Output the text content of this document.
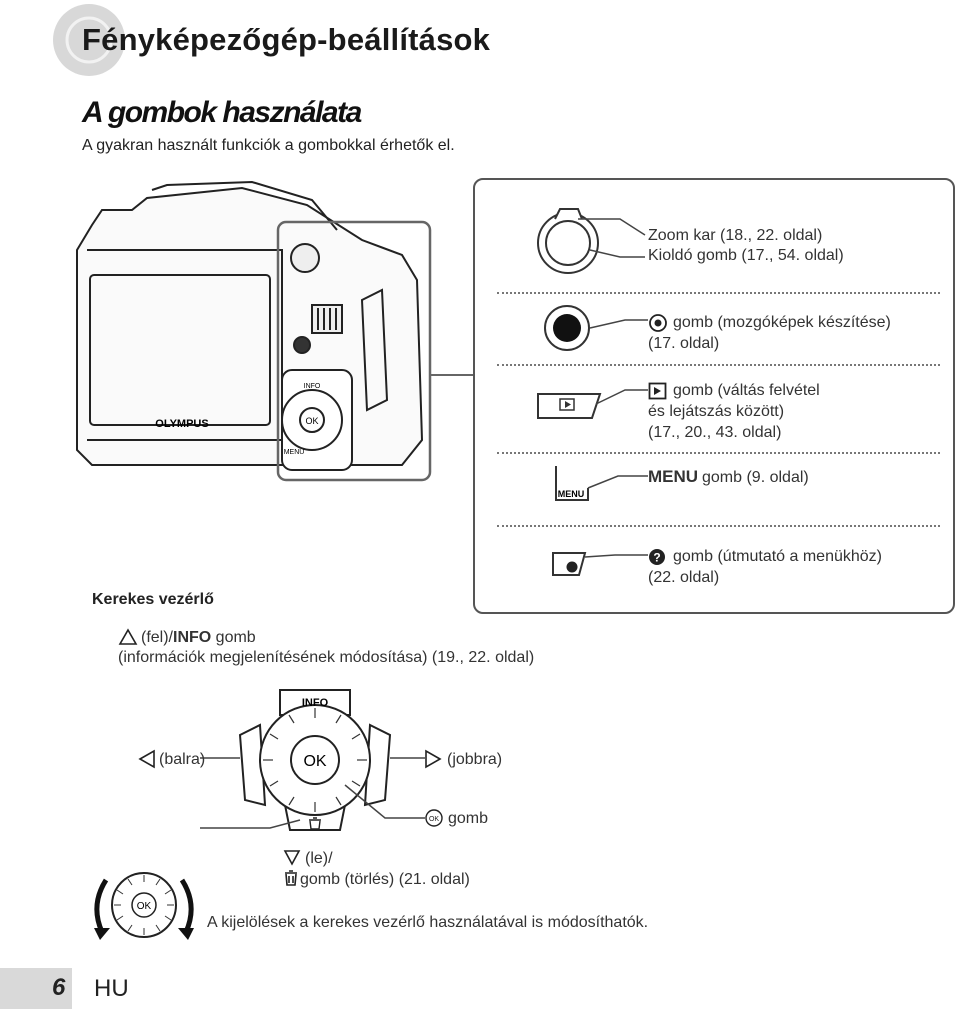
Fényképezőgép-beállítások
A gombok használata
A gyakran használt funkciók a gombokkal érhetők el.
OK
INFO
MENU
OLYMPUS
Zoom kar (18., 22. oldal)
Kioldó gomb (17., 54. oldal)
gomb (mozgóképek készítése)
(17. oldal)
gomb (váltás felvétel
és lejátszás között)
(17., 20., 43. oldal)
MENU
MENU gomb (9. oldal)
? gomb (útmutató a menükhöz)
(22. oldal)
Kerekes vezérlő
(fel)/INFO gomb
(információk megjelenítésének módosítása) (19., 22. oldal)
INFO
OK
(balra)	(jobbra)
OK gomb
(le)/
gomb (törlés) (21. oldal)
OK
A kijelölések a kerekes vezérlő használatával is módosíthatók.
6 HU
